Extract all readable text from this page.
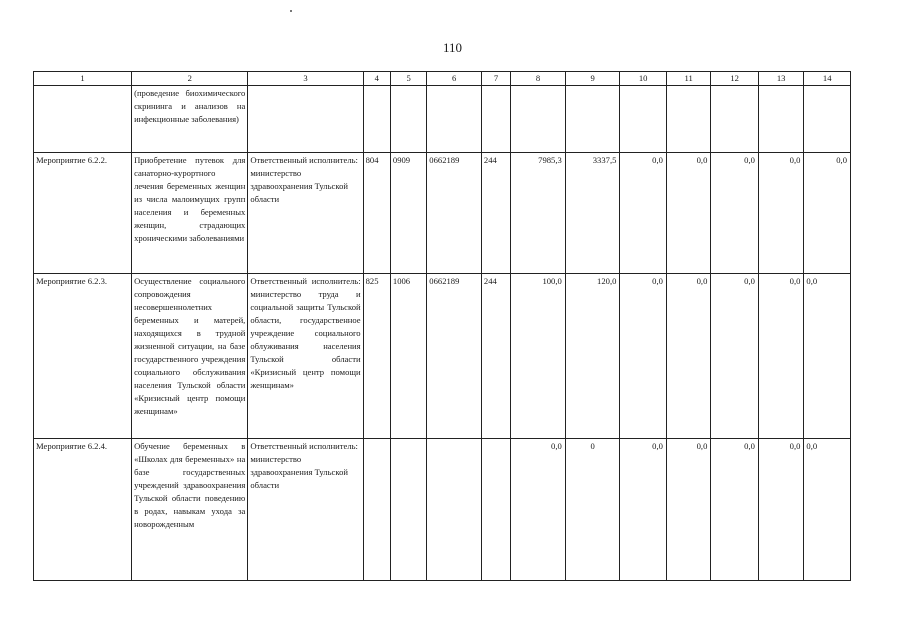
110
1	2	3	4	5	6	7	8	9	10	11	12	13	14
	(проведение биохимического скрининга и анализов на инфекционные заболевания)												
Мероприятие 6.2.2.	Приобретение путевок для санаторно-курортного лечения беременных женщин из числа малоимущих групп населения и беременных женщин, страдающих хроническими заболеваниями	Ответственный исполнитель: министерство здравоохранения Тульской области	804	0909	0662189	244	7985,3	3337,5	0,0	0,0	0,0	0,0	0,0
Мероприятие 6.2.3.	Осуществление социального сопровождения несовершеннолетних беременных и матерей, находящихся в трудной жизненной ситуации, на базе государственного учреждения социального обслуживания населения Тульской области «Кризисный центр помощи женщинам»	Ответственный исполнитель: министерство труда и социальной защиты Тульской области, государственное учреждение социального облуживания населения Тульской области «Кризисный центр помощи женщинам»	825	1006	0662189	244	100,0	120,0	0,0	0,0	0,0	0,0	0,0
Мероприятие 6.2.4.	Обучение беременных в «Школах для беременных» на базе государственных учреждений здравоохранения Тульской области поведению в родах, навыкам ухода за новорожденным	Ответственный исполнитель: министерство здравоохранения Тульской области					0,0	0	0,0	0,0	0,0	0,0	0,0
